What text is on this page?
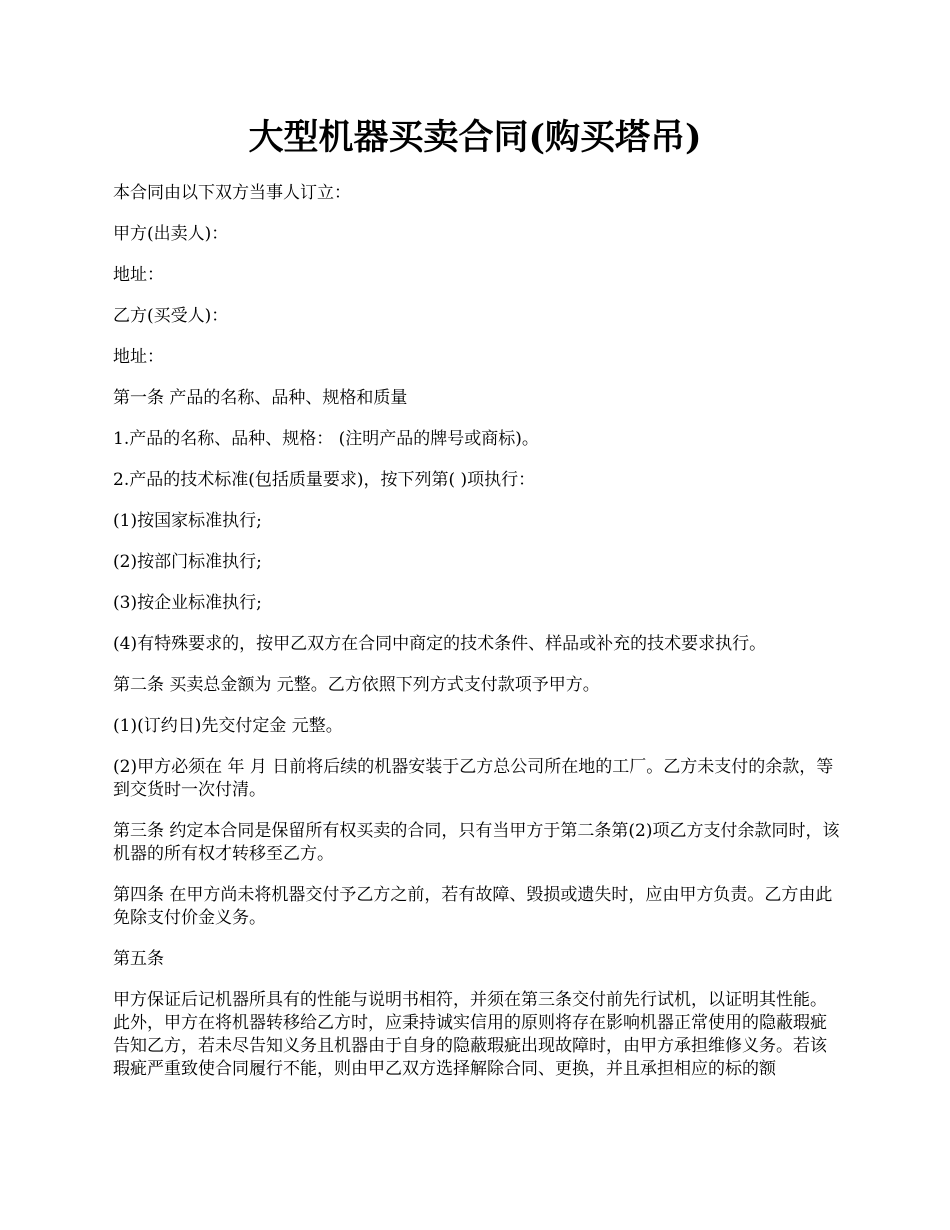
大型机器买卖合同(购买塔吊)

本合同由以下双方当事人订立：

甲方(出卖人)：

地址：

乙方(买受人)：

地址：

第一条 产品的名称、品种、规格和质量

1.产品的名称、品种、规格： (注明产品的牌号或商标)。

2.产品的技术标准(包括质量要求)，按下列第( )项执行：

(1)按国家标准执行;

(2)按部门标准执行;

(3)按企业标准执行;

(4)有特殊要求的，按甲乙双方在合同中商定的技术条件、样品或补充的技术要求执行。

第二条 买卖总金额为 元整。乙方依照下列方式支付款项予甲方。

(1)(订约日)先交付定金 元整。

(2)甲方必须在 年 月 日前将后续的机器安装于乙方总公司所在地的工厂。乙方未支付的余款，等到交货时一次付清。

第三条 约定本合同是保留所有权买卖的合同，只有当甲方于第二条第(2)项乙方支付余款同时，该机器的所有权才转移至乙方。

第四条 在甲方尚未将机器交付予乙方之前，若有故障、毁损或遗失时，应由甲方负责。乙方由此免除支付价金义务。

第五条

甲方保证后记机器所具有的性能与说明书相符，并须在第三条交付前先行试机，以证明其性能。此外，甲方在将机器转移给乙方时，应秉持诚实信用的原则将存在影响机器正常使用的隐蔽瑕疵告知乙方，若未尽告知义务且机器由于自身的隐蔽瑕疵出现故障时，由甲方承担维修义务。若该瑕疵严重致使合同履行不能，则由甲乙双方选择解除合同、更换，并且承担相应的标的额
